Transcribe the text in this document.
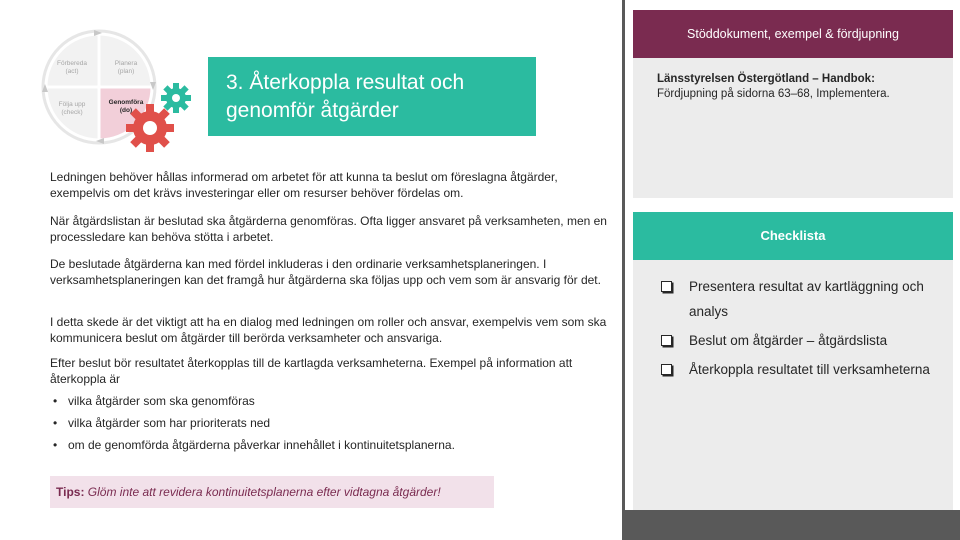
Förbereda
(act)
Planera
(plan)
Följa upp
(check)
Genomföra
(do)
3. Återkoppla resultat och genomför åtgärder

Ledningen behöver hållas informerad om arbetet för att kunna ta beslut om föreslagna åtgärder, exempelvis om det krävs investeringar eller om resurser behöver fördelas om.

När åtgärdslistan är beslutad ska åtgärderna genomföras. Ofta ligger ansvaret på verksamheten, men en processledare kan behöva stötta i arbetet.

De beslutade åtgärderna kan med fördel inkluderas i den ordinarie verksamhetsplaneringen. I verksamhetsplaneringen kan det framgå hur åtgärderna ska följas upp och vem som är ansvarig för det.

I detta skede är det viktigt att ha en dialog med ledningen om roller och ansvar, exempelvis vem som ska kommunicera beslut om åtgärder till berörda verksamheter och ansvariga.

Efter beslut bör resultatet återkopplas till de kartlagda verksamheterna. Exempel på information att återkoppla är

• vilka åtgärder som ska genomföras
• vilka åtgärder som har prioriterats ned
• om de genomförda åtgärderna påverkar innehållet i kontinuitetsplanerna.
Tips: Glöm inte att revidera kontinuitetsplanerna efter vidtagna åtgärder!
Stöddokument, exempel & fördjupning
Länsstyrelsen Östergötland – Handbok:
Fördjupning på sidorna 63–68, Implementera.
Checklista
Presentera resultat av kartläggning och analys
Beslut om åtgärder – åtgärdslista
Återkoppla resultatet till verksamheterna
